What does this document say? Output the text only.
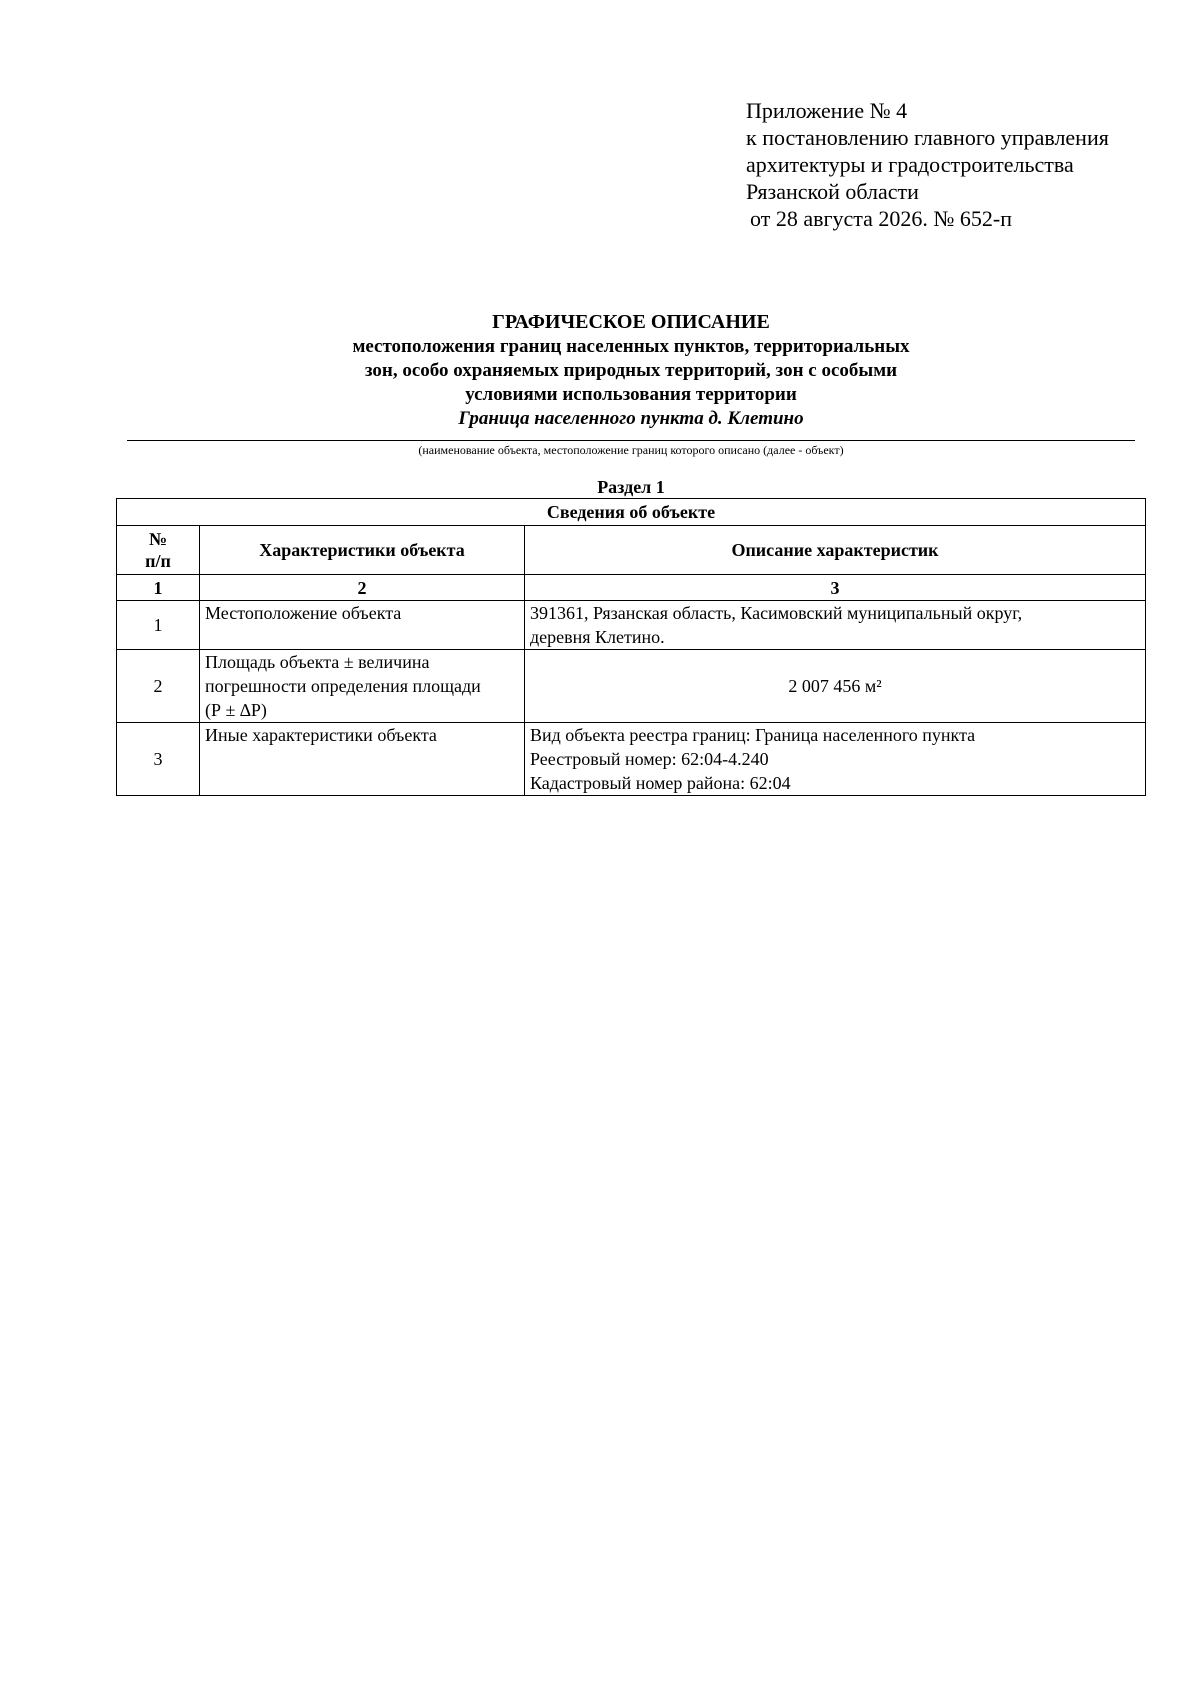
Приложение № 4
к постановлению главного управления
архитектуры и градостроительства
Рязанской области
от 28 августа 2026. № 652-п
ГРАФИЧЕСКОЕ ОПИСАНИЕ
местоположения границ населенных пунктов, территориальных
зон, особо охраняемых природных территорий, зон с особыми
условиями использования территории
Граница населенного пункта д. Клетино
(наименование объекта, местоположение границ которого описано (далее - объект)
Раздел 1
Сведения об объекте		

№
п/п	Характеристики объекта	Описание характеристик
1	2	3
1	Местоположение объекта	391361, Рязанская область, Касимовский муниципальный округ,
деревня Клетино.

2	Площадь объекта ± величина
погрешности определения площади
(Р ± ∆Р)	2 007 456 м²
3	Иные характеристики объекта	Вид объекта реестра границ: Граница населенного пункта
Реестровый номер: 62:04-4.240
Кадастровый номер района: 62:04
